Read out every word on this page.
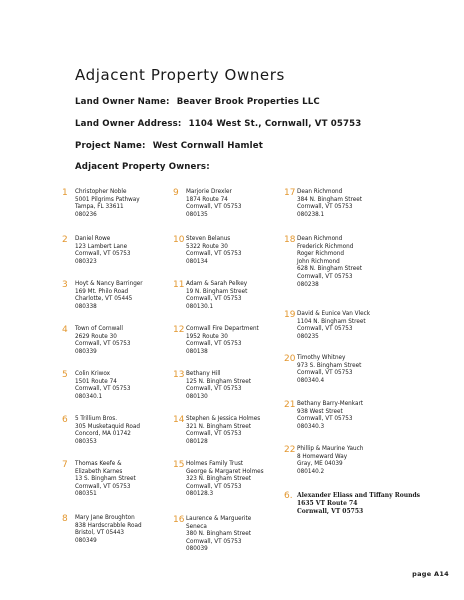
Adjacent Property Owners
Land Owner Name: Beaver Brook Properties LLC
Land Owner Address: 1104 West St., Cornwall, VT 05753
Project Name: West Cornwall Hamlet
Adjacent Property Owners:
1 Christopher Noble
5001 Pilgrims Pathway
Tampa, FL 33611
080236
2 Daniel Rowe
123 Lambert Lane
Cornwall, VT 05753
080323
3 Hoyt & Nancy Barringer
169 Mt. Philo Road
Charlotte, VT 05445
080338
4 Town of Cornwall
2629 Route 30
Cornwall, VT 05753
080339
5 Colin Kriwox
1501 Route 74
Cornwall, VT 05753
080340.1
6 5 Trillium Bros.
305 Musketaquid Road
Concord, MA 01742
080353
7 Thomas Keefe &
Elizabeth Karnes
13 S. Bingham Street
Cornwall, VT 05753
080351
8 Mary Jane Broughton
838 Hardscrabble Road
Bristol, VT 05443
080349
9 Marjorie Drexler
1874 Route 74
Cornwall, VT 05753
080135
10 Steven Belanus
5322 Route 30
Cornwall, VT 05753
080134
11 Adam & Sarah Pelkey
19 N. Bingham Street
Cornwall, VT 05753
080130.1
12 Cornwall Fire Department
1952 Route 30
Cornwall, VT 05753
080138
13 Bethany Hill
125 N. Bingham Street
Cornwall, VT 05753
080130
14 Stephen & Jessica Holmes
321 N. Bingham Street
Cornwall, VT 05753
080128
15 Holmes Family Trust
George & Margaret Holmes
323 N. Bingham Street
Cornwall, VT 05753
080128.3
16 Laurence & Marguerite
Seneca
380 N. Bingham Street
Cornwall, VT 05753
080039
17 Dean Richmond
384 N. Bingham Street
Cornwall, VT 05753
080238.1
18 Dean Richmond
Frederick Richmond
Roger Richmond
John Richmond
628 N. Bingham Street
Cornwall, VT 05753
080238
19 David & Eunice Van Vleck
1104 N. Bingham Street
Cornwall, VT 05753
080235
20 Timothy Whitney
973 S. Bingham Street
Cornwall, VT 05753
080340.4
21 Bethany Barry-Menkart
938 West Street
Cornwall, VT 05753
080340.3
22 Phillip & Maurine Yauch
8 Homeward Way
Gray, ME 04039
080140.2
6. Alexander Eliass and Tiffany Rounds
1635 VT Route 74
Cornwall, VT 05753
page A14
